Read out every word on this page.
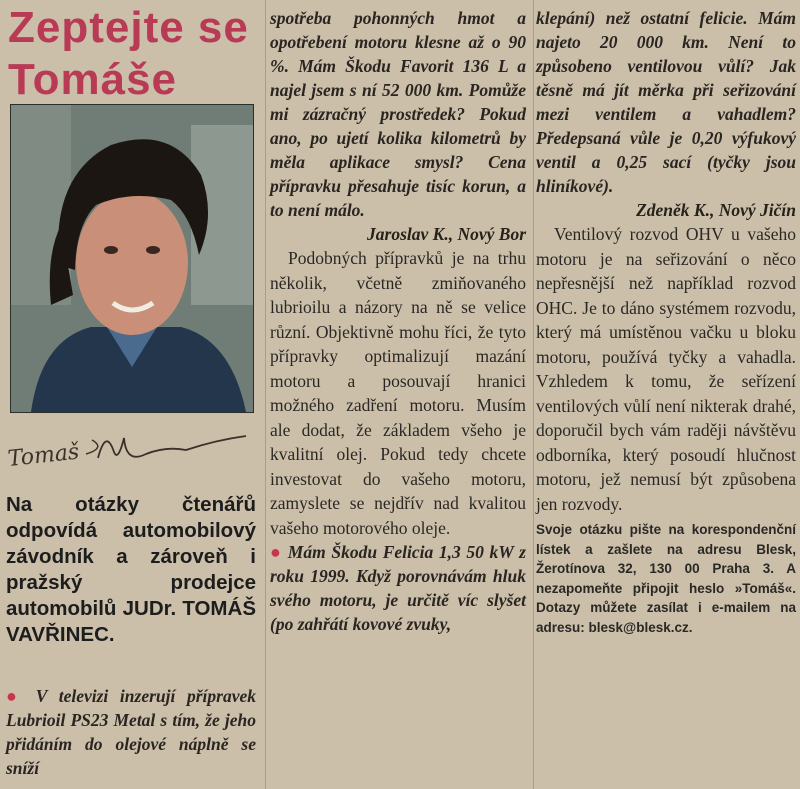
Zeptejte se
Tomáše
Tomaš
Na otázky čtenářů odpovídá automobilový závodník a zároveň i pražský prodejce automobilů JUDr. TOMÁŠ VAVŘINEC.

● V televizi inzerují přípravek Lubrioil PS23 Metal s tím, že jeho přidáním do olejové náplně se sníží

spotřeba pohonných hmot a opotřebení motoru klesne až o 90 %. Mám Škodu Favorit 136 L a najel jsem s ní 52 000 km. Pomůže mi zázračný prostředek? Pokud ano, po ujetí kolika kilometrů by měla aplikace smysl? Cena přípravku přesahuje tisíc korun, a to není málo.

Jaroslav K., Nový Bor

Podobných přípravků je na trhu několik, včetně zmiňovaného lubrioilu a názory na ně se velice různí. Objektivně mohu říci, že tyto přípravky optimalizují mazání motoru a posouvají hranici možného zadření motoru. Musím ale dodat, že základem všeho je kvalitní olej. Pokud tedy chcete investovat do vašeho motoru, zamyslete se nejdřív nad kvalitou vašeho motorového oleje.

● Mám Škodu Felicia 1,3 50 kW z roku 1999. Když porovnávám hluk svého motoru, je určitě víc slyšet (po zahřátí kovové zvuky,

klepání) než ostatní felicie. Mám najeto 20 000 km. Není to způsobeno ventilovou vůlí? Jak těsně má jít měrka při seřizování mezi ventilem a vahadlem? Předepsaná vůle je 0,20 výfukový ventil a 0,25 sací (tyčky jsou hliníkové).

Zdeněk K., Nový Jičín

Ventilový rozvod OHV u vašeho motoru je na seřizování o něco nepřesnější než například rozvod OHC. Je to dáno systémem rozvodu, který má umístěnou vačku u bloku motoru, používá tyčky a vahadla. Vzhledem k tomu, že seřízení ventilových vůlí není nikterak drahé, doporučil bych vám raději návštěvu odborníka, který posoudí hlučnost motoru, jež nemusí být způsobena jen rozvody.

Svoje otázku pište na korespondenční lístek a zašlete na adresu Blesk, Žerotínova 32, 130 00 Praha 3. A nezapomeňte připojit heslo »Tomáš«. Dotazy můžete zasílat i e-mailem na adresu: blesk@blesk.cz.
